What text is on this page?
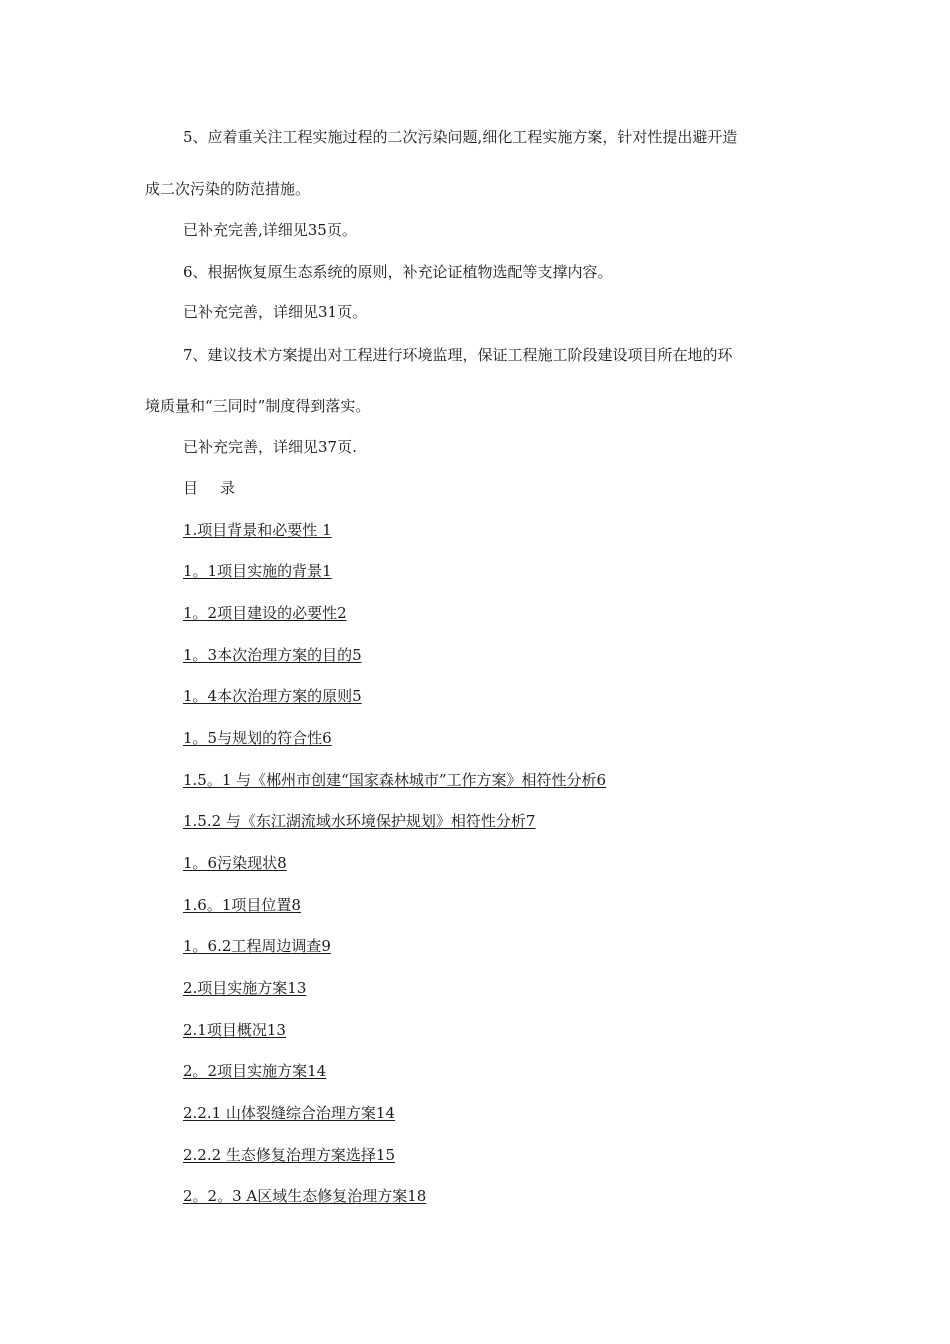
5、应着重关注工程实施过程的二次污染问题,细化工程实施方案，针对性提出避开造
成二次污染的防范措施。
已补充完善,详细见35页。
6、根据恢复原生态系统的原则，补充论证植物选配等支撑内容。
已补充完善，详细见31页。
7、建议技术方案提出对工程进行环境监理，保证工程施工阶段建设项目所在地的环
境质量和“三同时”制度得到落实。
已补充完善，详细见37页.
目录
1.项目背景和必要性 1
1。1项目实施的背景1
1。2项目建设的必要性2
1。3本次治理方案的目的5
1。4本次治理方案的原则5
1。5与规划的符合性6
1.5。1 与《郴州市创建“国家森林城市”工作方案》相符性分析6
1.5.2 与《东江湖流域水环境保护规划》相符性分析7
1。6污染现状8
1.6。1项目位置8
1。6.2工程周边调查9
2.项目实施方案13
2.1项目概况13
2。2项目实施方案14
2.2.1 山体裂缝综合治理方案14
2.2.2 生态修复治理方案选择15
2。2。3 A区域生态修复治理方案18
